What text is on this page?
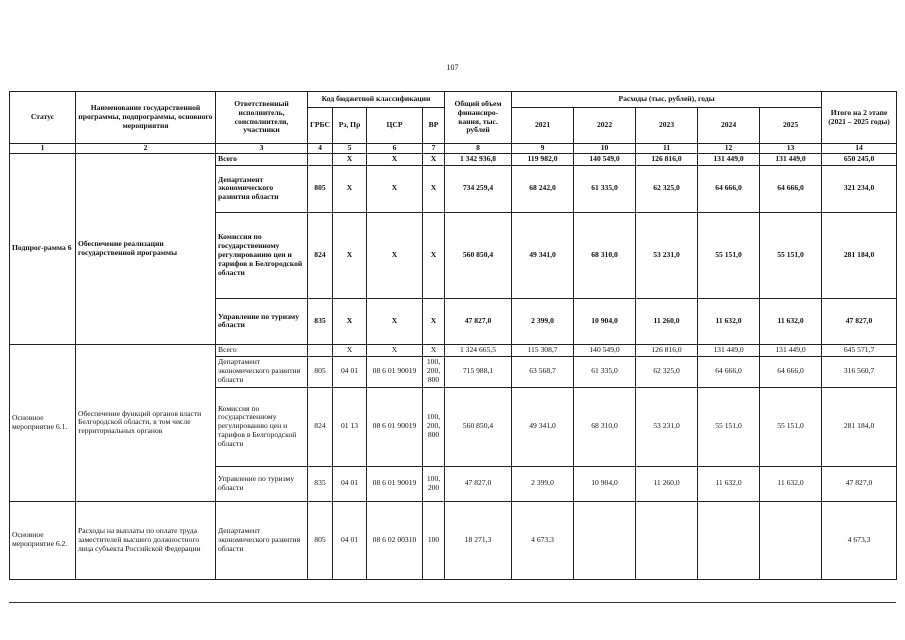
107
Статус	Наименование государственной программы, подпрограммы, основного мероприятия	Ответственный исполнитель, соисполнители, участники	Код бюджетной классификации				Общий объем финансиро-вания, тыс. рублей	Расходы (тыс. рублей), годы					Итого на 2 этапе (2021 – 2025 годы)
			ГРБС	Рз, Пр	ЦСР	ВР		2021	2022	2023	2024	2025	
1	2	3	4	5	6	7	8	9	10	11	12	13	14
Подпрог-рамма 6	Обеспечение реализации государственной программы	Всего		X	X	X	1 342 936,8	119 982,0	140 549,0	126 816,0	131 449,0	131 449,0	650 245,0
		Департамент экономического развития области	805	X	X	X	734 259,4	68 242,0	61 335,0	62 325,0	64 666,0	64 666,0	321 234,0
		Комиссия по государственному регулированию цен и тарифов в Белгородской области	824	X	X	X	560 850,4	49 341,0	68 310,0	53 231,0	55 151,0	55 151,0	281 184,0
		Управление по туризму области	835	X	X	X	47 827,0	2 399,0	10 904,0	11 260,0	11 632,0	11 632,0	47 827,0
Основное мероприятие 6.1.	Обеспечение функций органов власти Белгородской области, в том числе территориальных органов	Всего		X	X	X	1 324 665,5	115 308,7	140 549,0	126 816,0	131 449,0	131 449,0	645 571,7
		Департамент экономического развития области	805	04 01	08 6 01 90019	100, 200, 800	715 988,1	63 568,7	61 335,0	62 325,0	64 666,0	64 666,0	316 560,7
		Комиссия по государственному регулированию цен и тарифов в Белгородской области	824	01 13	08 6 01 90019	100, 200, 800	560 850,4	49 341,0	68 310,0	53 231,0	55 151,0	55 151,0	281 184,0
		Управление по туризму области	835	04 01	08 6 01 90019	100, 200	47 827,0	2 399,0	10 904,0	11 260,0	11 632,0	11 632,0	47 827,0
Основное мероприятие 6.2.	Расходы на выплаты по оплате труда заместителей высшего должностного лица субъекта Российской Федерации	Департамент экономического развития области	805	04 01	08 6 02 00310	100	18 271,3	4 673,3					4 673,3
